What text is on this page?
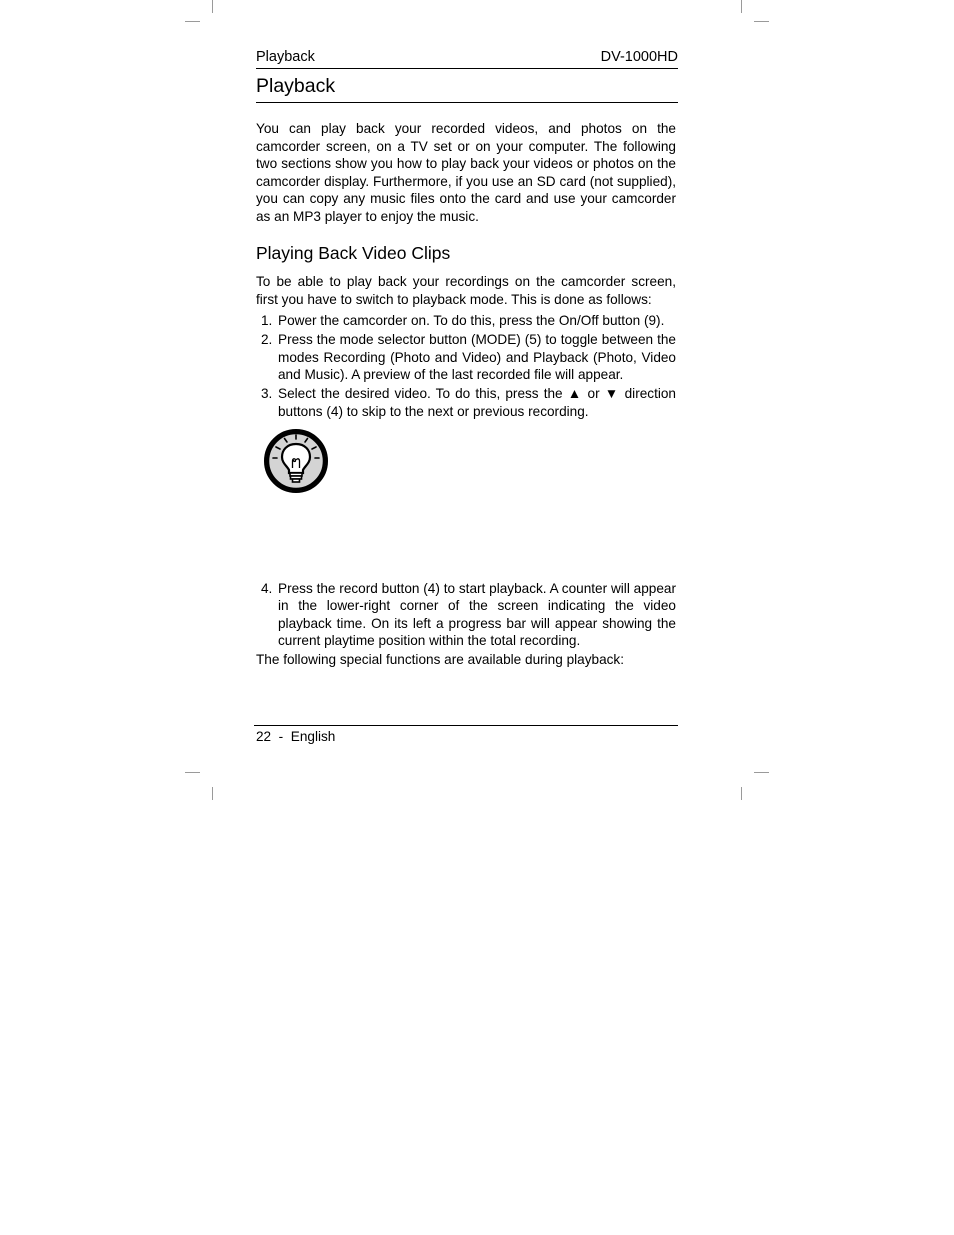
Playback	DV-1000HD
Playback

You can play back your recorded videos, and photos on the camcorder screen, on a TV set or on your computer. The following two sections show you how to play back your videos or photos on the camcorder display. Furthermore, if you use an SD card (not supplied), you can copy any music files onto the card and use your camcorder as an MP3 player to enjoy the music.

Playing Back Video Clips

To be able to play back your recordings on the camcorder screen, first you have to switch to playback mode. This is done as follows:

1. Power the camcorder on. To do this, press the On/Off button (9).
2. Press the mode selector button (MODE) (5) to toggle between the modes Recording (Photo and Video) and Playback (Photo, Video and Music). A preview of the last recorded file will appear.
3. Select the desired video. To do this, press the ▲ or ▼ direction buttons (4) to skip to the next or previous recording.
4. Press the record button (4) to start playback. A counter will appear in the lower-right corner of the screen indicating the video playback time. On its left a progress bar will appear showing the current playtime position within the total recording.

The following special functions are available during playback:

22  -  English
